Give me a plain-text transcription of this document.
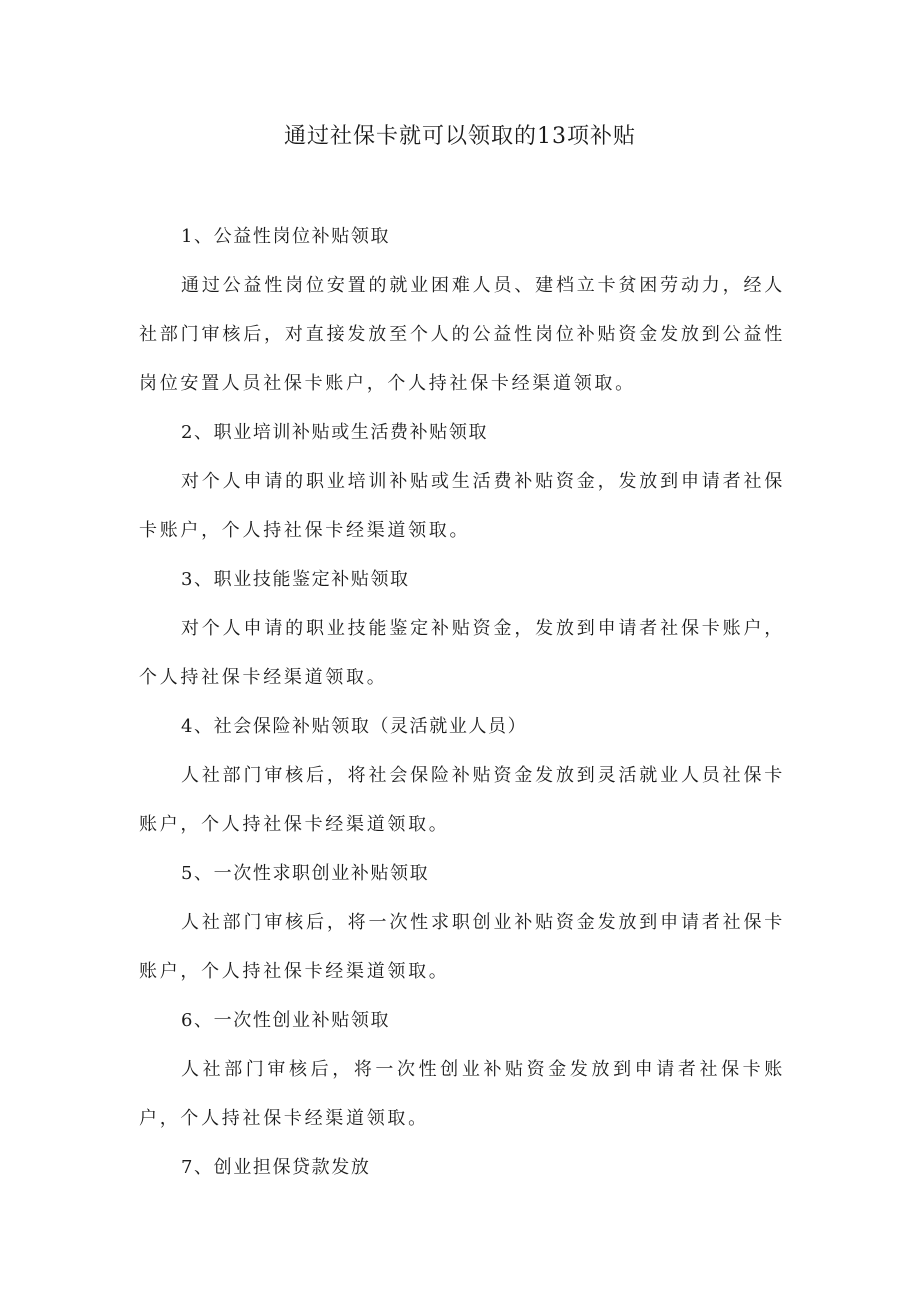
通过社保卡就可以领取的13项补贴
1、公益性岗位补贴领取

通过公益性岗位安置的就业困难人员、建档立卡贫困劳动力，经人社部门审核后，对直接发放至个人的公益性岗位补贴资金发放到公益性岗位安置人员社保卡账户，个人持社保卡经渠道领取。

2、职业培训补贴或生活费补贴领取

对个人申请的职业培训补贴或生活费补贴资金，发放到申请者社保卡账户，个人持社保卡经渠道领取。

3、职业技能鉴定补贴领取

对个人申请的职业技能鉴定补贴资金，发放到申请者社保卡账户，个人持社保卡经渠道领取。

4、社会保险补贴领取（灵活就业人员）

人社部门审核后，将社会保险补贴资金发放到灵活就业人员社保卡账户，个人持社保卡经渠道领取。

5、一次性求职创业补贴领取

人社部门审核后，将一次性求职创业补贴资金发放到申请者社保卡账户，个人持社保卡经渠道领取。

6、一次性创业补贴领取

人社部门审核后，将一次性创业补贴资金发放到申请者社保卡账户，个人持社保卡经渠道领取。

7、创业担保贷款发放
